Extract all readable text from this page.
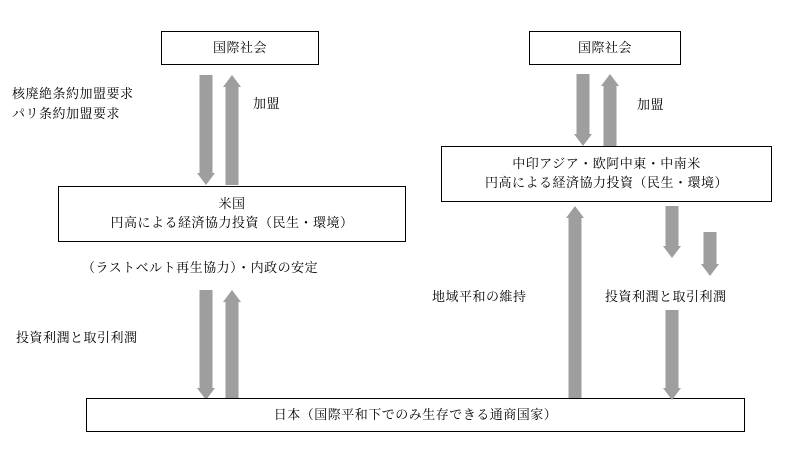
国際社会
核廃絶条約加盟要求
パリ条約加盟要求
加盟
米国
円高による経済協力投資（民生・環境）
（ラストベルト再生協力）・内政の安定
投資利潤と取引利潤
日本（国際平和下でのみ生存できる通商国家）
国際社会
加盟
中印アジア・欧阿中東・中南米
円高による経済協力投資（民生・環境）
地域平和の維持	投資利潤と取引利潤
